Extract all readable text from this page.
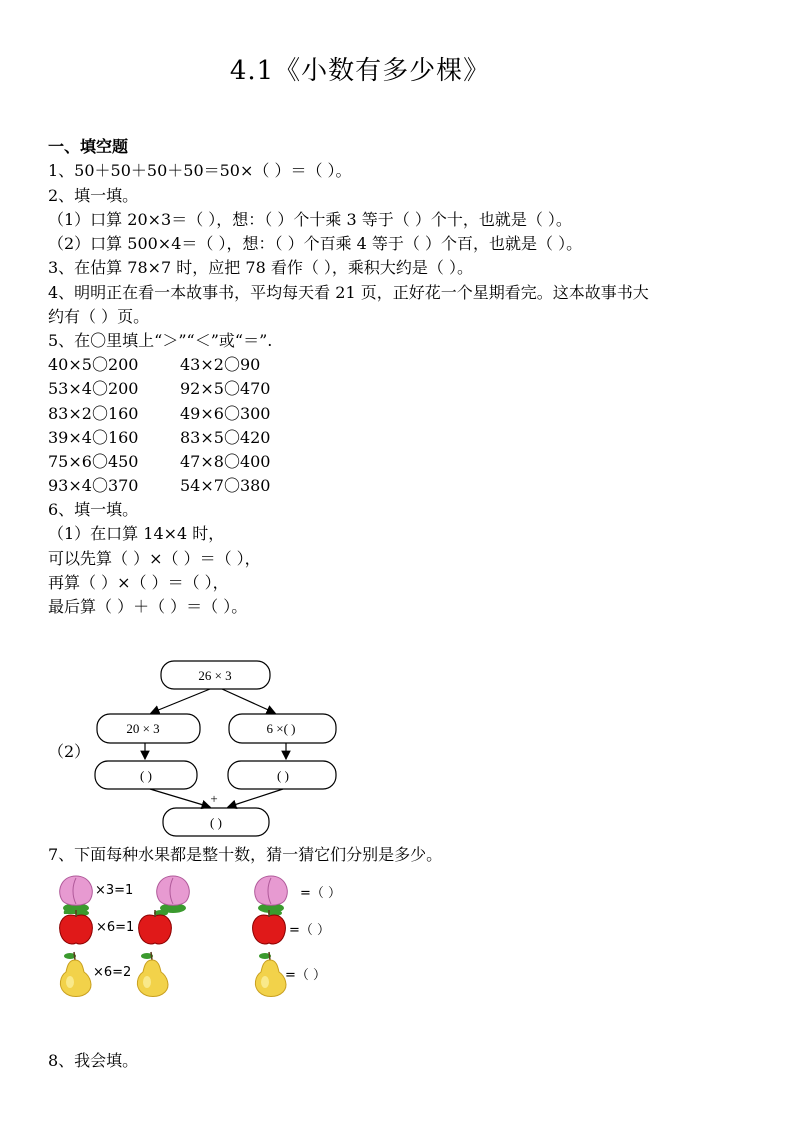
4.1《小数有多少棵》
一、填空题
1、50＋50＋50＋50＝50×（ ）＝（ ）。
2、填一填。
（1）口算 20×3＝（ ），想：（ ）个十乘 3 等于（ ）个十，也就是（ ）。
（2）口算 500×4＝（ ），想：（ ）个百乘 4 等于（ ）个百，也就是（ ）。
3、在估算 78×7 时，应把 78 看作（ ），乘积大约是（ ）。
4、明明正在看一本故事书，平均每天看 21 页，正好花一个星期看完。这本故事书大
约有（ ）页。
5、在〇里填上“＞”“＜”或“＝”.
40×5〇200	43×2〇90
53×4〇200	92×5〇470
83×2〇160	49×6〇300
39×4〇160	83×5〇420
75×6〇450	47×8〇400
93×4〇370	54×7〇380
6、填一填。
（1）在口算 14×4 时，
可以先算（ ）×（ ）＝（ ），
再算（ ）×（ ）＝（ ），
最后算（ ）＋（ ）＝（ ）。
（2）
26 × 3
20 × 3	6 ×( )
( )	( )
+
( )
7、下面每种水果都是整十数，猜一猜它们分别是多少。
×3=1	=（ ）
×6=1	=（ ）
×6=2	=（ ）
8、我会填。
